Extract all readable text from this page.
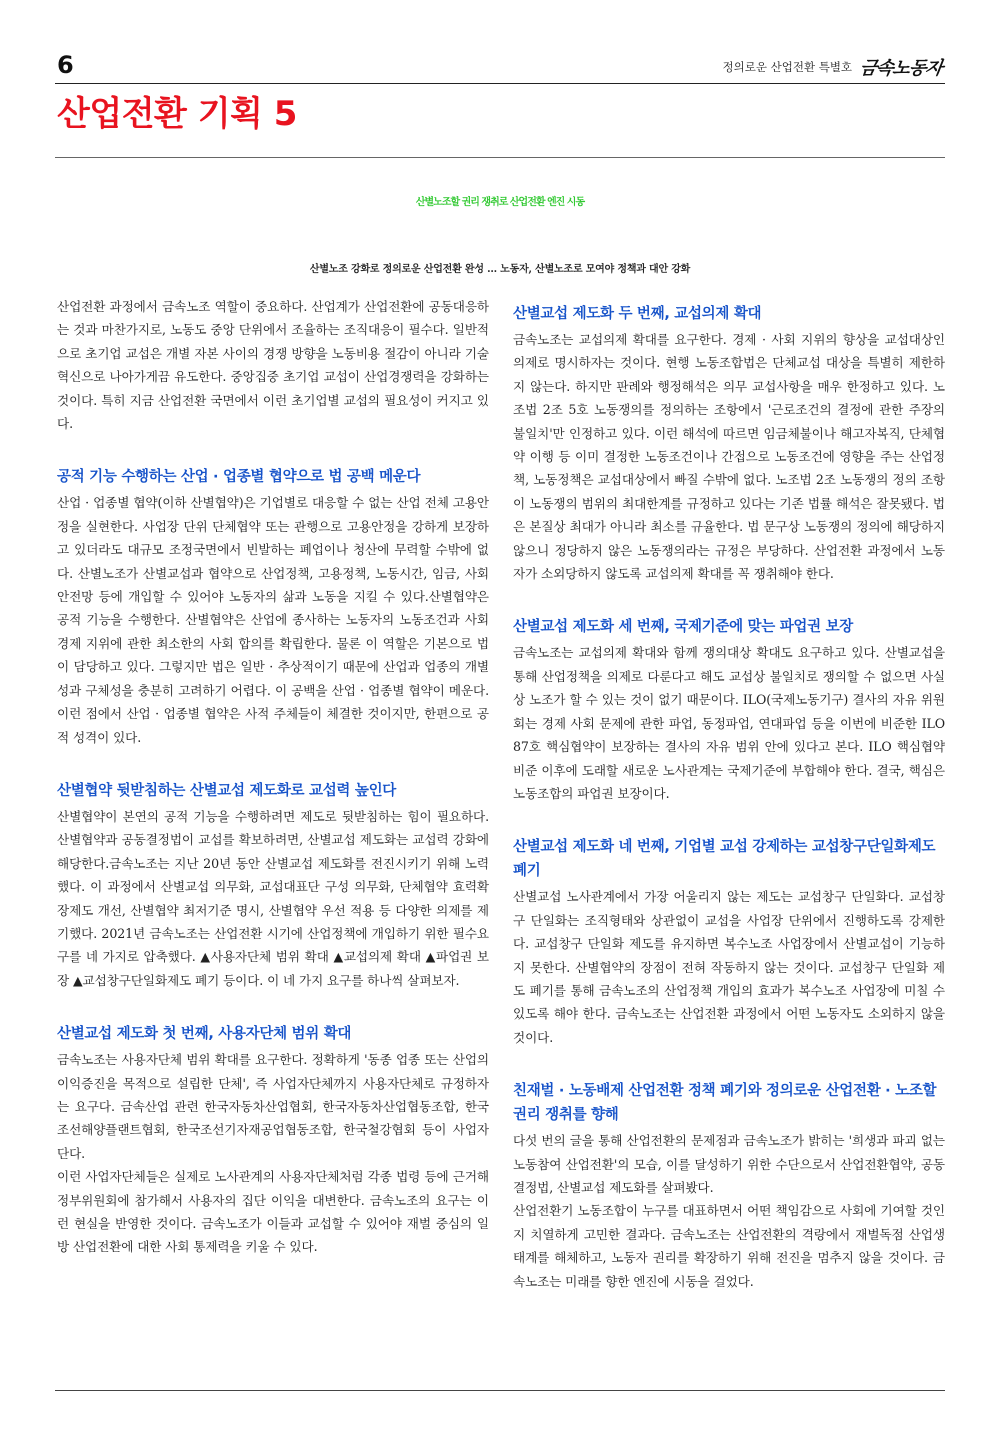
6	정의로운 산업전환 특별호 금속노동자
산업전환 기획 5
산별노조할 권리 쟁취로 산업전환 엔진 시동
산별노조 강화로 정의로운 산업전환 완성 … 노동자, 산별노조로 모여야 정책과 대안 강화

산업전환 과정에서 금속노조 역할이 중요하다. 산업계가 산업전환에 공동대응하는 것과 마찬가지로, 노동도 중앙 단위에서 조율하는 조직대응이 필수다. 일반적으로 초기업 교섭은 개별 자본 사이의 경쟁 방향을 노동비용 절감이 아니라 기술혁신으로 나아가게끔 유도한다. 중앙집중 초기업 교섭이 산업경쟁력을 강화하는 것이다. 특히 지금 산업전환 국면에서 이런 초기업별 교섭의 필요성이 커지고 있다.

공적 기능 수행하는 산업 · 업종별 협약으로 법 공백 메운다

산업 · 업종별 협약(이하 산별협약)은 기업별로 대응할 수 없는 산업 전체 고용안정을 실현한다. 사업장 단위 단체협약 또는 관행으로 고용안정을 강하게 보장하고 있더라도 대규모 조정국면에서 빈발하는 폐업이나 청산에 무력할 수밖에 없다. 산별노조가 산별교섭과 협약으로 산업정책, 고용정책, 노동시간, 임금, 사회안전망 등에 개입할 수 있어야 노동자의 삶과 노동을 지킬 수 있다.산별협약은 공적 기능을 수행한다. 산별협약은 산업에 종사하는 노동자의 노동조건과 사회경제 지위에 관한 최소한의 사회 합의를 확립한다. 물론 이 역할은 기본으로 법이 담당하고 있다. 그렇지만 법은 일반 · 추상적이기 때문에 산업과 업종의 개별성과 구체성을 충분히 고려하기 어렵다. 이 공백을 산업 · 업종별 협약이 메운다. 이런 점에서 산업 · 업종별 협약은 사적 주체들이 체결한 것이지만, 한편으로 공적 성격이 있다.

산별협약 뒷받침하는 산별교섭 제도화로 교섭력 높인다

산별협약이 본연의 공적 기능을 수행하려면 제도로 뒷받침하는 힘이 필요하다. 산별협약과 공동결정법이 교섭를 확보하려면, 산별교섭 제도화는 교섭력 강화에 해당한다.금속노조는 지난 20년 동안 산별교섭 제도화를 전진시키기 위해 노력했다. 이 과정에서 산별교섭 의무화, 교섭대표단 구성 의무화, 단체협약 효력확장제도 개선, 산별협약 최저기준 명시, 산별협약 우선 적용 등 다양한 의제를 제기했다. 2021년 금속노조는 산업전환 시기에 산업정책에 개입하기 위한 필수요구를 네 가지로 압축했다. ▲사용자단체 범위 확대 ▲교섭의제 확대 ▲파업권 보장 ▲교섭창구단일화제도 폐기 등이다. 이 네 가지 요구를 하나씩 살펴보자.

산별교섭 제도화 첫 번째, 사용자단체 범위 확대

금속노조는 사용자단체 범위 확대를 요구한다. 정확하게 '동종 업종 또는 산업의 이익증진을 목적으로 설립한 단체', 즉 사업자단체까지 사용자단체로 규정하자는 요구다. 금속산업 관련 한국자동차산업협회, 한국자동차산업협동조합, 한국조선해양플랜트협회, 한국조선기자재공업협동조합, 한국철강협회 등이 사업자단다.

이런 사업자단체들은 실제로 노사관계의 사용자단체처럼 각종 법령 등에 근거해 정부위원회에 참가해서 사용자의 집단 이익을 대변한다. 금속노조의 요구는 이런 현실을 반영한 것이다. 금속노조가 이들과 교섭할 수 있어야 재벌 중심의 일방 산업전환에 대한 사회 통제력을 키울 수 있다.

산별교섭 제도화 두 번째, 교섭의제 확대

금속노조는 교섭의제 확대를 요구한다. 경제 · 사회 지위의 향상을 교섭대상인 의제로 명시하자는 것이다. 현행 노동조합법은 단체교섭 대상을 특별히 제한하지 않는다. 하지만 판례와 행정해석은 의무 교섭사항을 매우 한정하고 있다. 노조법 2조 5호 노동쟁의를 정의하는 조항에서 '근로조건의 결정에 관한 주장의 불일치'만 인정하고 있다. 이런 해석에 따르면 임금체불이나 해고자복직, 단체협약 이행 등 이미 결정한 노동조건이나 간접으로 노동조건에 영향을 주는 산업정책, 노동정책은 교섭대상에서 빠질 수밖에 없다. 노조법 2조 노동쟁의 정의 조항이 노동쟁의 범위의 최대한계를 규정하고 있다는 기존 법률 해석은 잘못됐다. 법은 본질상 최대가 아니라 최소를 규율한다. 법 문구상 노동쟁의 정의에 해당하지 않으니 정당하지 않은 노동쟁의라는 규정은 부당하다. 산업전환 과정에서 노동자가 소외당하지 않도록 교섭의제 확대를 꼭 쟁취해야 한다.

산별교섭 제도화 세 번째, 국제기준에 맞는 파업권 보장

금속노조는 교섭의제 확대와 함께 쟁의대상 확대도 요구하고 있다. 산별교섭을 통해 산업정책을 의제로 다룬다고 해도 교섭상 불일치로 쟁의할 수 없으면 사실상 노조가 할 수 있는 것이 없기 때문이다. ILO(국제노동기구) 결사의 자유 위원회는 경제 사회 문제에 관한 파업, 동정파업, 연대파업 등을 이번에 비준한 ILO 87호 핵심협약이 보장하는 결사의 자유 범위 안에 있다고 본다. ILO 핵심협약 비준 이후에 도래할 새로운 노사관계는 국제기준에 부합해야 한다. 결국, 핵심은 노동조합의 파업권 보장이다.

산별교섭 제도화 네 번째, 기업별 교섭 강제하는 교섭창구단일화제도 폐기

산별교섭 노사관계에서 가장 어울리지 않는 제도는 교섭창구 단일화다. 교섭창구 단일화는 조직형태와 상관없이 교섭을 사업장 단위에서 진행하도록 강제한다. 교섭창구 단일화 제도를 유지하면 복수노조 사업장에서 산별교섭이 기능하지 못한다. 산별협약의 장점이 전혀 작동하지 않는 것이다. 교섭창구 단일화 제도 폐기를 통해 금속노조의 산업정책 개입의 효과가 복수노조 사업장에 미칠 수 있도록 해야 한다. 금속노조는 산업전환 과정에서 어떤 노동자도 소외하지 않을 것이다.

친재벌 · 노동배제 산업전환 정책 폐기와 정의로운 산업전환 · 노조할 권리 쟁취를 향해

다섯 번의 글을 통해 산업전환의 문제점과 금속노조가 밝히는 '희생과 파괴 없는 노동참여 산업전환'의 모습, 이를 달성하기 위한 수단으로서 산업전환협약, 공동결정법, 산별교섭 제도화를 살펴봤다.

산업전환기 노동조합이 누구를 대표하면서 어떤 책임감으로 사회에 기여할 것인지 치열하게 고민한 결과다. 금속노조는 산업전환의 격랑에서 재벌독점 산업생태계를 해체하고, 노동자 권리를 확장하기 위해 전진을 멈추지 않을 것이다. 금속노조는 미래를 향한 엔진에 시동을 걸었다.
